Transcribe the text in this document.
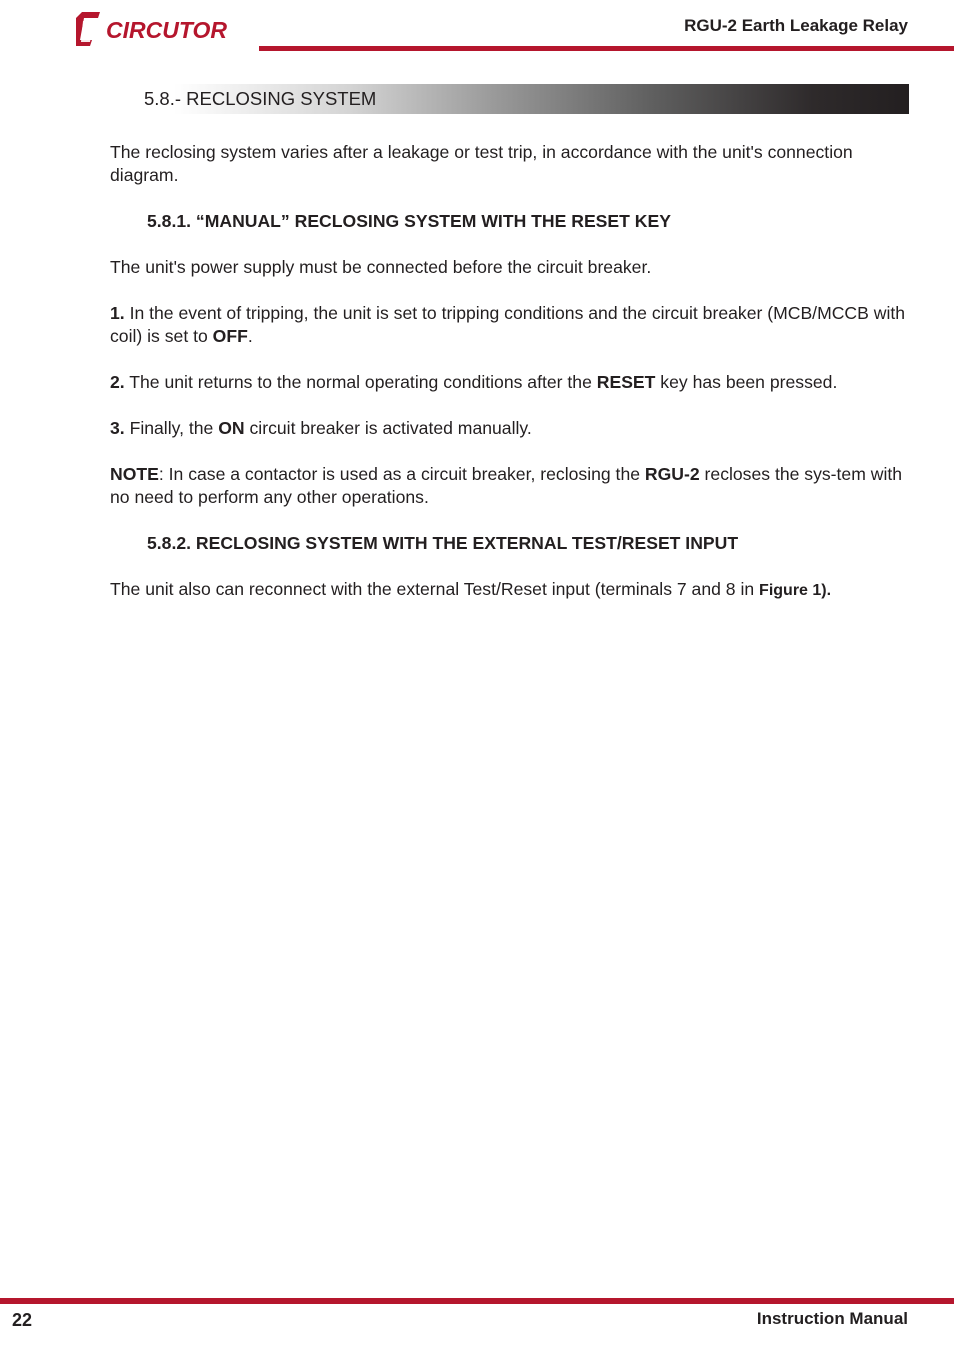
CIRCUTOR	RGU-2 Earth Leakage Relay
5.8.- RECLOSING SYSTEM

The reclosing system varies after a leakage or test trip, in accordance with the unit's connection diagram.

5.8.1. “MANUAL” RECLOSING SYSTEM WITH THE RESET KEY

The unit's power supply must be connected before the circuit breaker.

1. In the event of tripping, the unit is set to tripping conditions and the circuit breaker (MCB/MCCB with coil) is set to OFF.

2. The unit returns to the normal operating conditions after the RESET key has been pressed.

3. Finally, the ON circuit breaker is activated manually.

NOTE: In case a contactor is used as a circuit breaker, reclosing the RGU-2 recloses the sys-tem with no need to perform any other operations.

5.8.2. RECLOSING SYSTEM WITH THE EXTERNAL TEST/RESET INPUT

The unit also can reconnect with the external Test/Reset input (terminals 7 and 8 in Figure 1).

22	Instruction Manual
